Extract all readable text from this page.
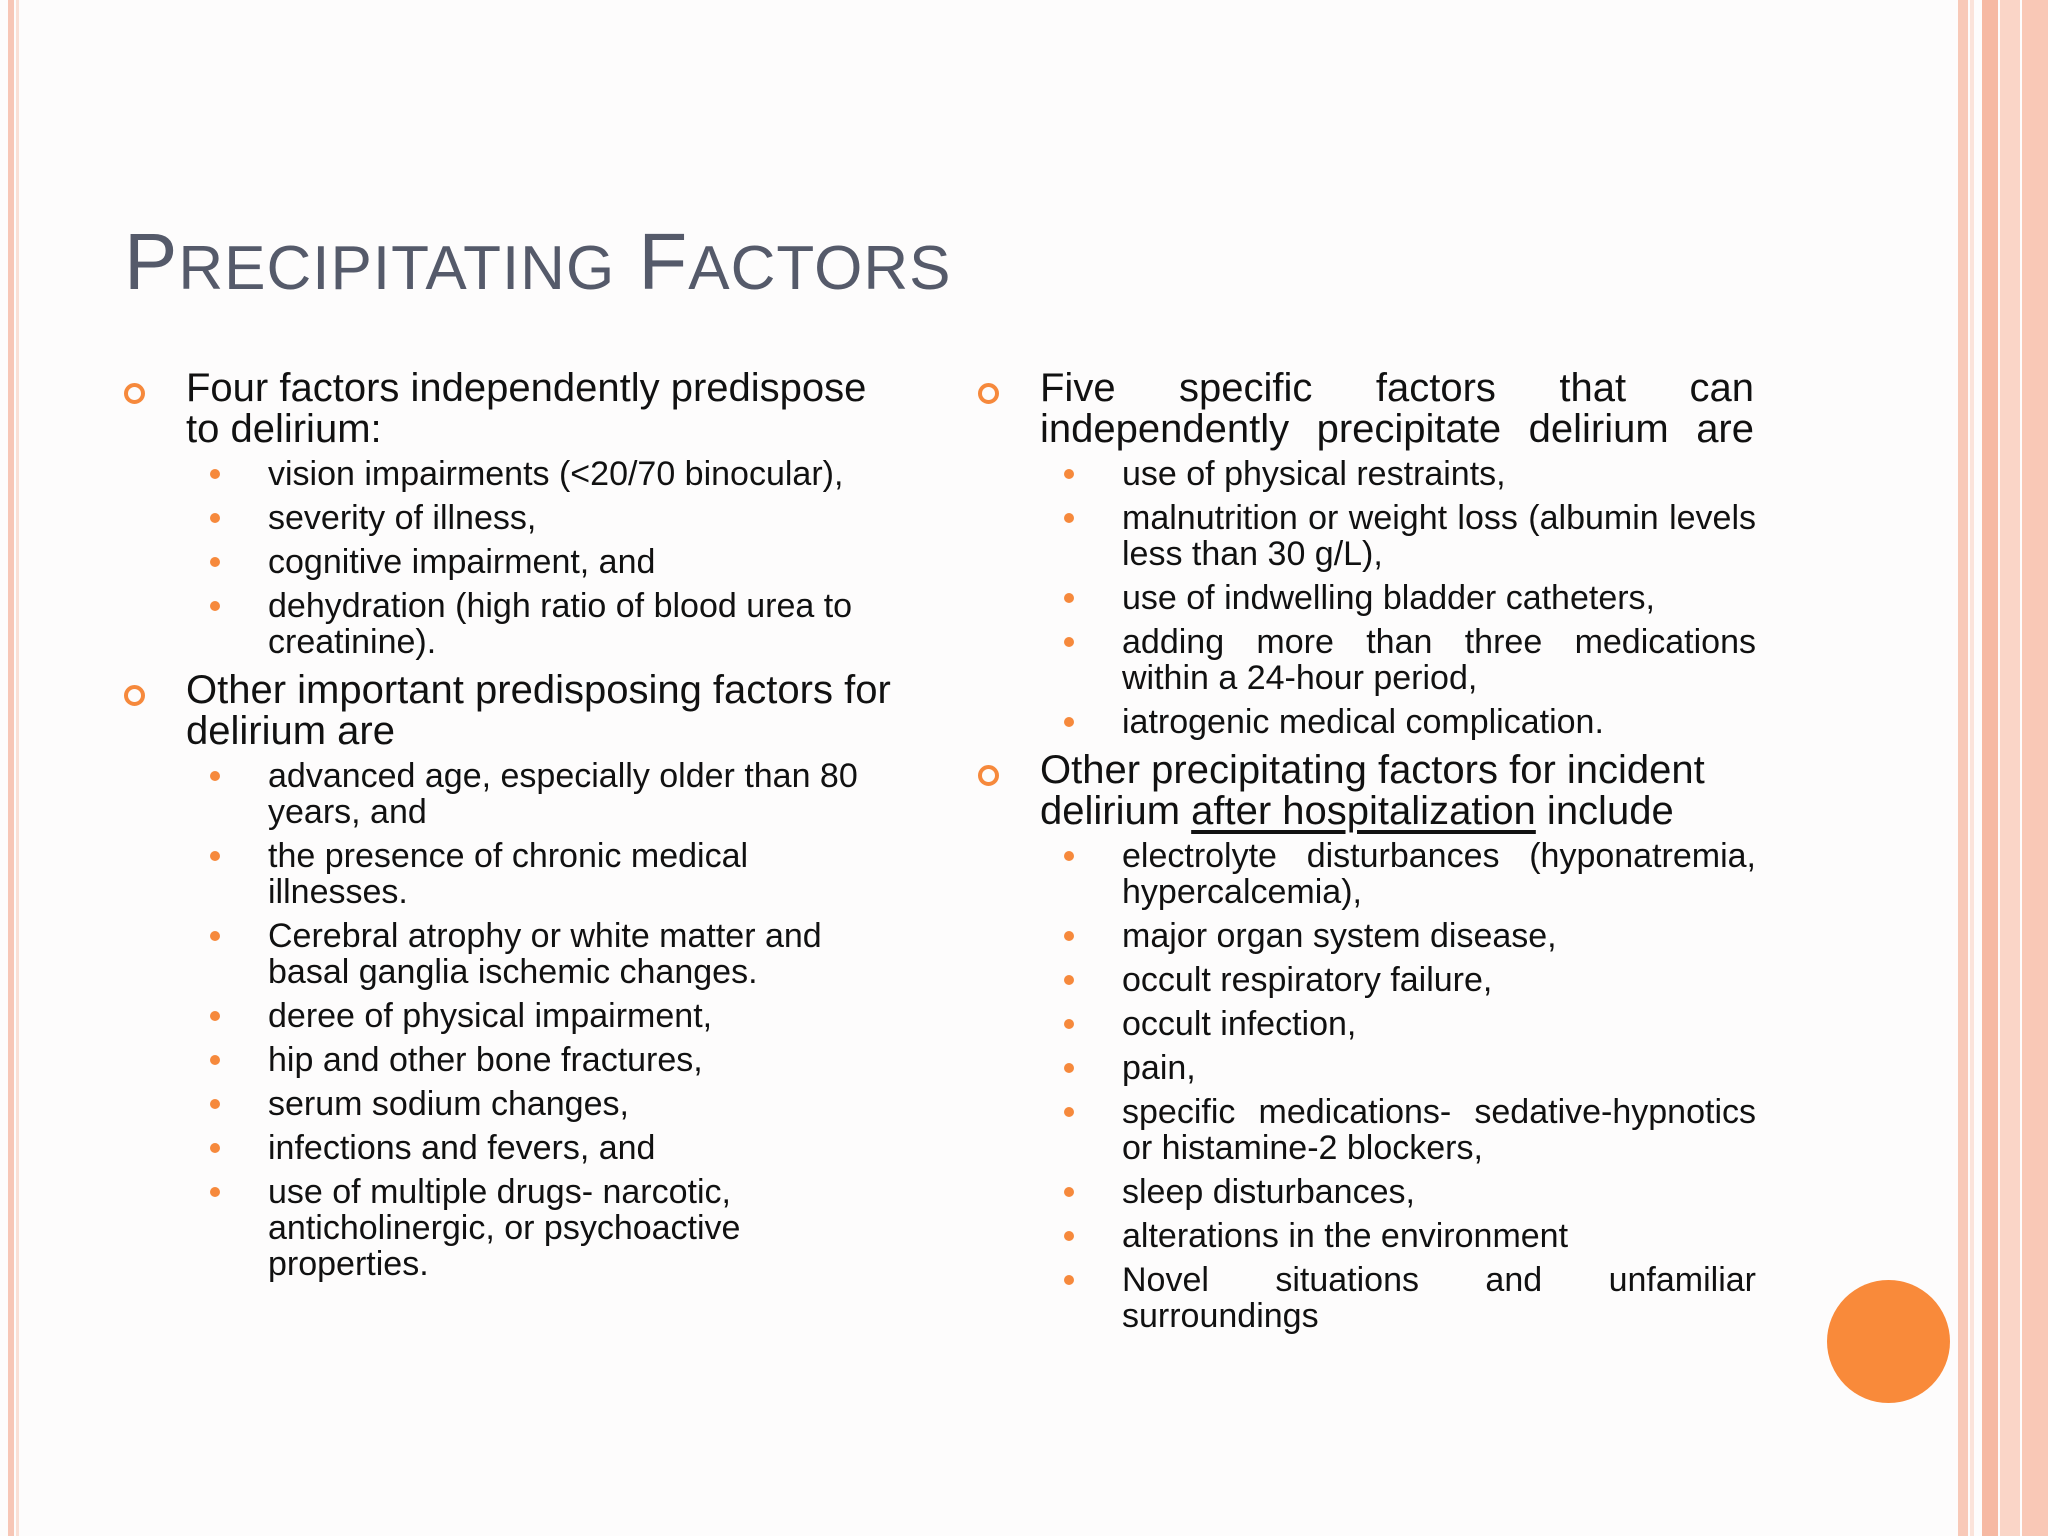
PRECIPITATING FACTORS
Four factors independently predispose to delirium:
vision impairments (<20/70 binocular),
severity of illness,
cognitive impairment, and
dehydration (high ratio of blood urea to creatinine).
Other important predisposing factors for delirium are
advanced age, especially older than 80 years, and
the presence of chronic medical illnesses.
Cerebral atrophy or white matter and basal ganglia ischemic changes.
deree of physical impairment,
hip and other bone fractures,
serum sodium changes,
infections and fevers, and
use of multiple drugs- narcotic, anticholinergic, or psychoactive properties.
Five specific factors that can independently precipitate delirium are
use of physical restraints,
malnutrition or weight loss (albumin levels less than 30 g/L),
use of indwelling bladder catheters,
adding more than three medications within a 24-hour period,
iatrogenic medical complication.
Other precipitating factors for incident delirium after hospitalization include
electrolyte disturbances (hyponatremia, hypercalcemia),
major organ system disease,
occult respiratory failure,
occult infection,
pain,
specific medications- sedative-hypnotics or histamine-2 blockers,
sleep disturbances,
alterations in the environment
Novel situations and unfamiliar surroundings
